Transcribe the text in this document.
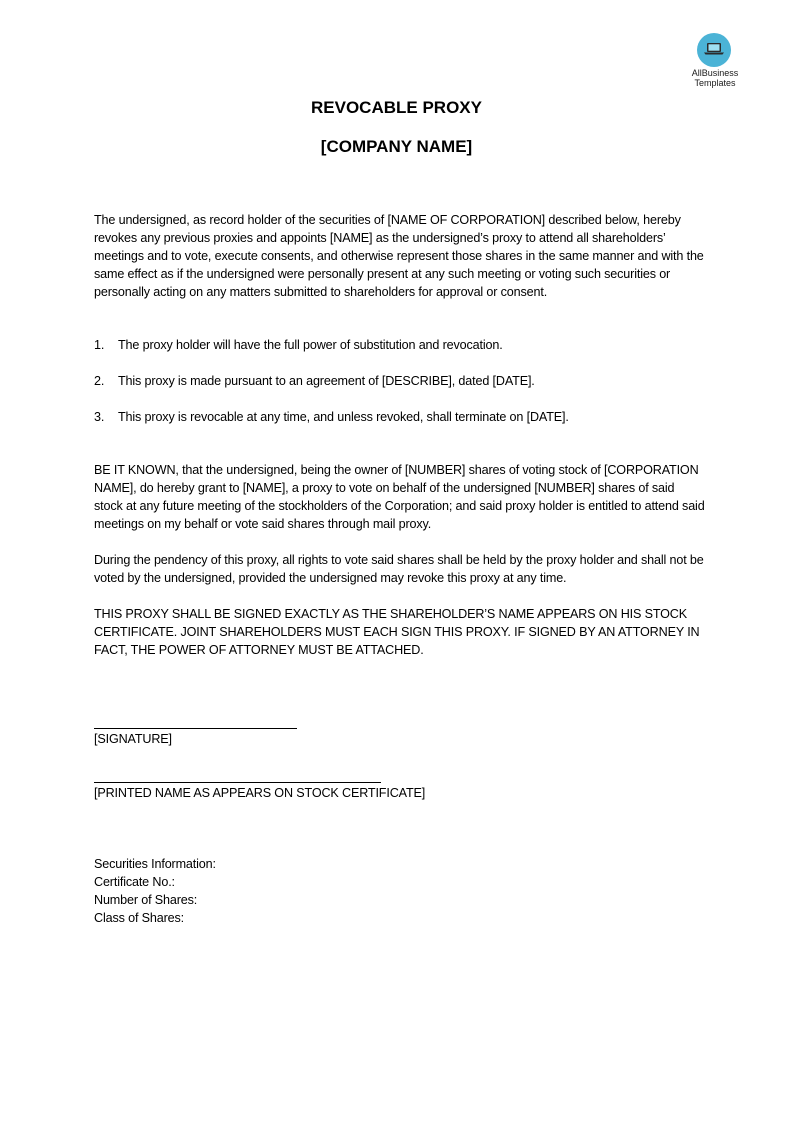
AllBusiness
Templates
REVOCABLE PROXY
[COMPANY NAME]
The undersigned, as record holder of the securities of [NAME OF CORPORATION] described below, hereby revokes any previous proxies and appoints [NAME] as the undersigned’s proxy to attend all shareholders’ meetings and to vote, execute consents, and otherwise represent those shares in the same manner and with the same effect as if the undersigned were personally present at any such meeting or voting such securities or personally acting on any matters submitted to shareholders for approval or consent.
1. The proxy holder will have the full power of substitution and revocation.
2. This proxy is made pursuant to an agreement of [DESCRIBE], dated [DATE].
3. This proxy is revocable at any time, and unless revoked, shall terminate on [DATE].
BE IT KNOWN, that the undersigned, being the owner of [NUMBER] shares of voting stock of [CORPORATION NAME], do hereby grant to [NAME], a proxy to vote on behalf of the undersigned [NUMBER] shares of said stock at any future meeting of the stockholders of the Corporation; and said proxy holder is entitled to attend said meetings on my behalf or vote said shares through mail proxy.
During the pendency of this proxy, all rights to vote said shares shall be held by the proxy holder and shall not be voted by the undersigned, provided the undersigned may revoke this proxy at any time.
THIS PROXY SHALL BE SIGNED EXACTLY AS THE SHAREHOLDER’S NAME APPEARS ON HIS STOCK CERTIFICATE. JOINT SHAREHOLDERS MUST EACH SIGN THIS PROXY. IF SIGNED BY AN ATTORNEY IN FACT, THE POWER OF ATTORNEY MUST BE ATTACHED.
[SIGNATURE]
[PRINTED NAME AS APPEARS ON STOCK CERTIFICATE]
Securities Information:
Certificate No.:
Number of Shares:
Class of Shares:
